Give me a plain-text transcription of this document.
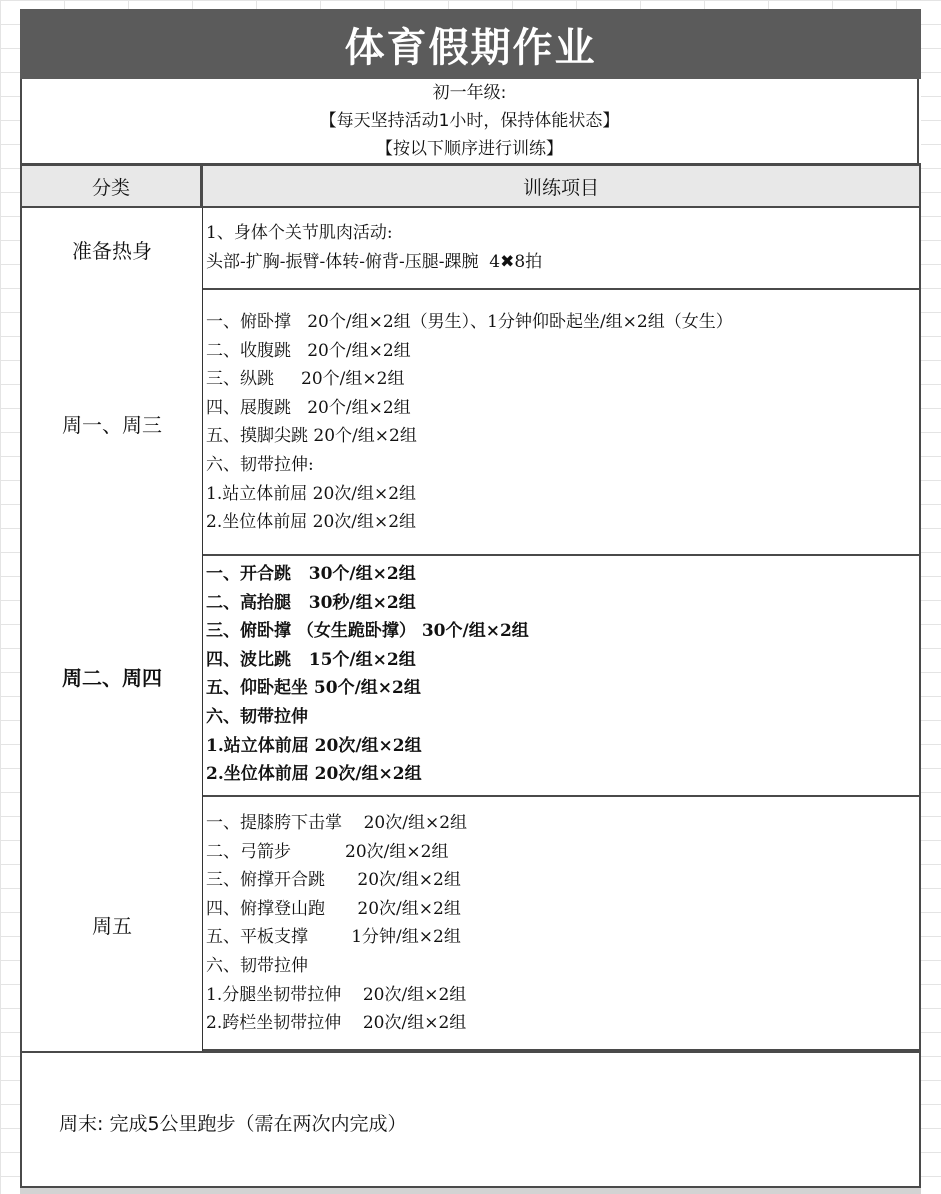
体育假期作业
初一年级:
【每天坚持活动1小时，保持体能状态】
【按以下顺序进行训练】
分类	训练项目
准备热身
1、身体个关节肌肉活动:
头部-扩胸-振臂-体转-俯背-压腿-踝腕  4✖8拍
周一、周三
一、俯卧撑   20个/组×2组（男生）、1分钟仰卧起坐/组×2组（女生）
二、收腹跳   20个/组×2组
三、纵跳     20个/组×2组
四、展腹跳   20个/组×2组
五、摸脚尖跳 20个/组×2组
六、韧带拉伸:
1.站立体前屈 20次/组×2组
2.坐位体前屈 20次/组×2组
周二、周四
一、开合跳   30个/组×2组
二、高抬腿   30秒/组×2组
三、俯卧撑 （女生跪卧撑） 30个/组×2组
四、波比跳   15个/组×2组
五、仰卧起坐 50个/组×2组
六、韧带拉伸
1.站立体前屈 20次/组×2组
2.坐位体前屈 20次/组×2组
周五
一、提膝胯下击掌    20次/组×2组
二、弓箭步          20次/组×2组
三、俯撑开合跳      20次/组×2组
四、俯撑登山跑      20次/组×2组
五、平板支撑        1分钟/组×2组
六、韧带拉伸
1.分腿坐韧带拉伸    20次/组×2组
2.跨栏坐韧带拉伸    20次/组×2组
周末: 完成5公里跑步（需在两次内完成）
